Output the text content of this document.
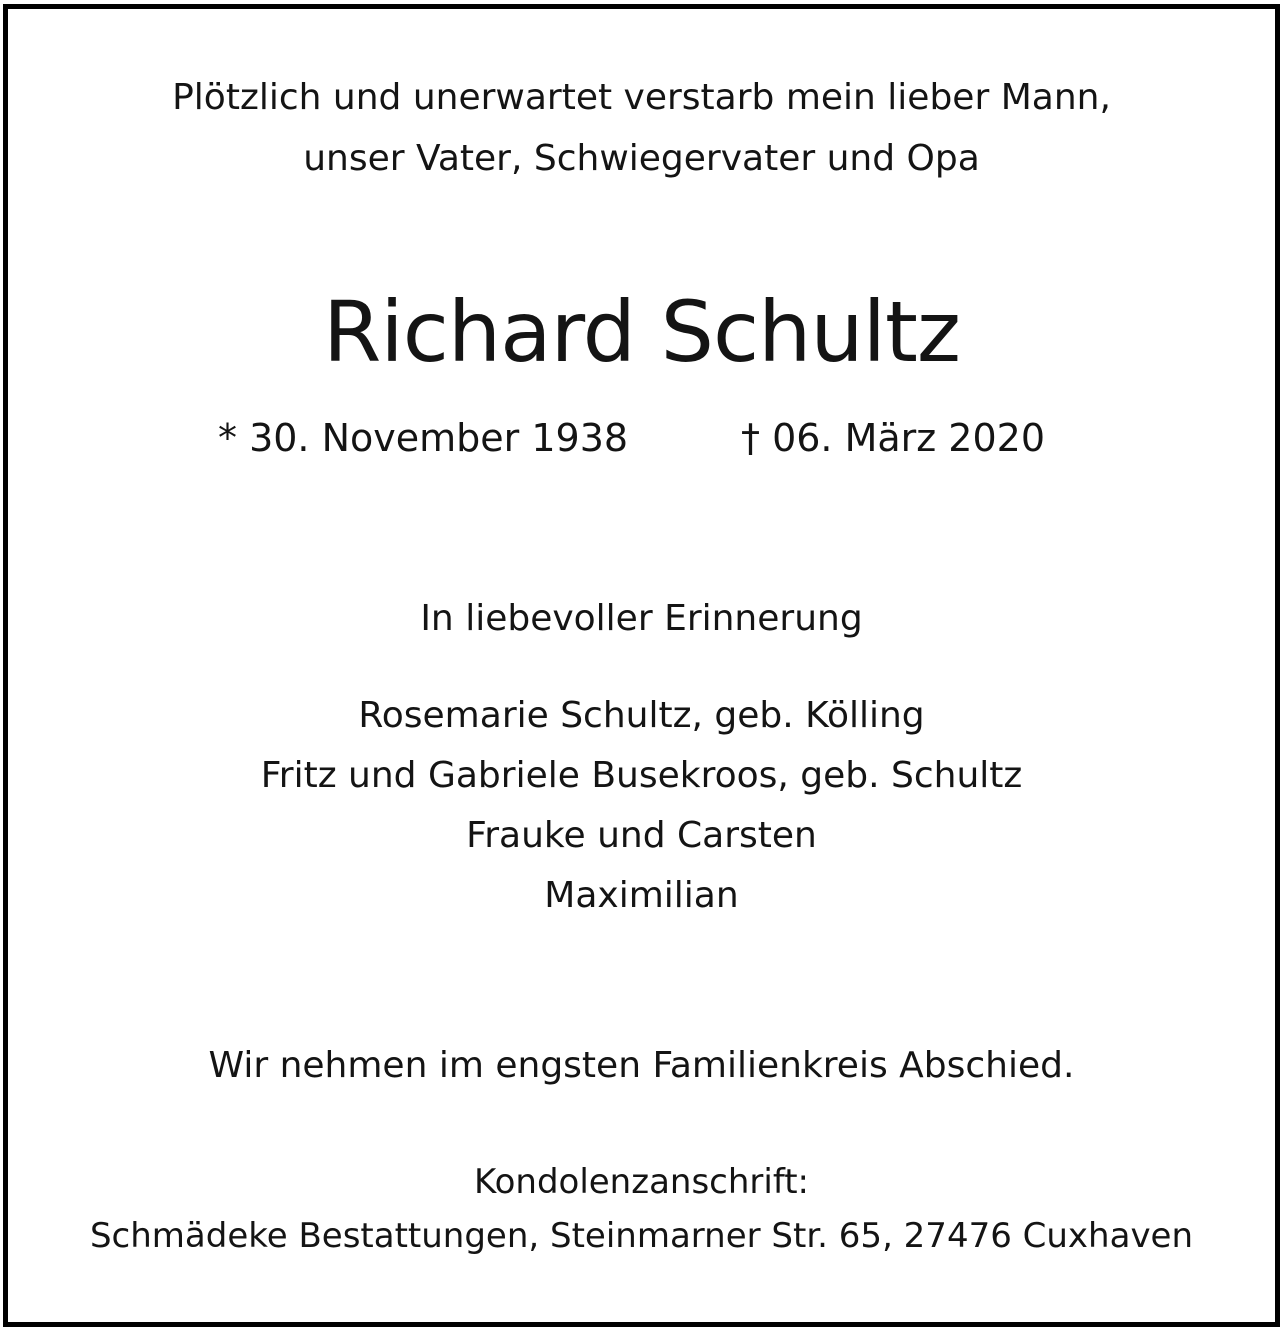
Plötzlich und unerwartet verstarb mein lieber Mann,
unser Vater, Schwiegervater und Opa
Richard Schultz
* 30. November 1938	† 06. März 2020
In liebevoller Erinnerung
Rosemarie Schultz, geb. Kölling
Fritz und Gabriele Busekroos, geb. Schultz
Frauke und Carsten
Maximilian
Wir nehmen im engsten Familienkreis Abschied.
Kondolenzanschrift:
Schmädeke Bestattungen, Steinmarner Str. 65, 27476 Cuxhaven
